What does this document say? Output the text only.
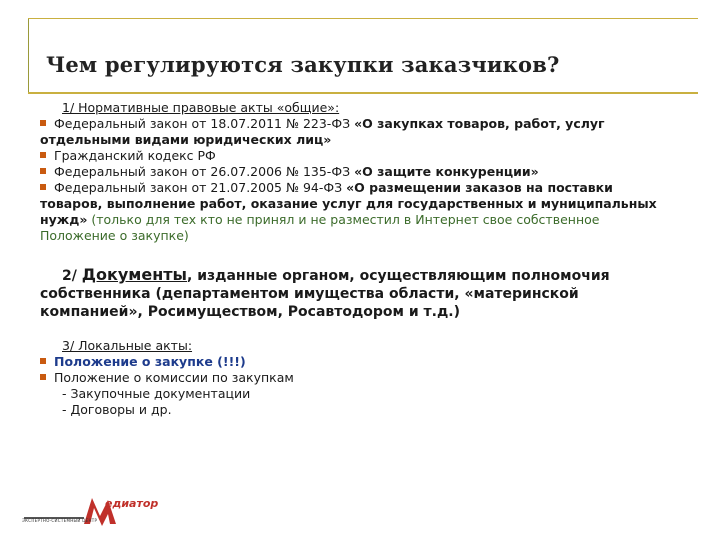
Чем регулируются закупки заказчиков?
1/ Нормативные правовые акты «общие»:
Федеральный закон от 18.07.2011 № 223-ФЗ «О закупках товаров, работ, услуг
отдельными видами юридических лиц»
Гражданский кодекс РФ
Федеральный закон от 26.07.2006 № 135-ФЗ «О защите конкуренции»
Федеральный закон от 21.07.2005 № 94-ФЗ «О размещении заказов на поставки
товаров, выполнение работ, оказание услуг для государственных и муниципальных
нужд» (только для тех кто не принял и не разместил в Интернет свое собственное
Положение о закупке)
2/ Документы, изданные органом, осуществляющим полномочия
собственника (департаментом имущества области, «материнской
компанией», Росимуществом, Росавтодором и т.д.)
3/ Локальные акты:
Положение о закупке (!!!)
Положение о комиссии по закупкам
- Закупочные документации
- Договоры и др.
едиатор
ЭКСПЕРТНО-СИСТЕМНЫЙ ЦЕНТР
